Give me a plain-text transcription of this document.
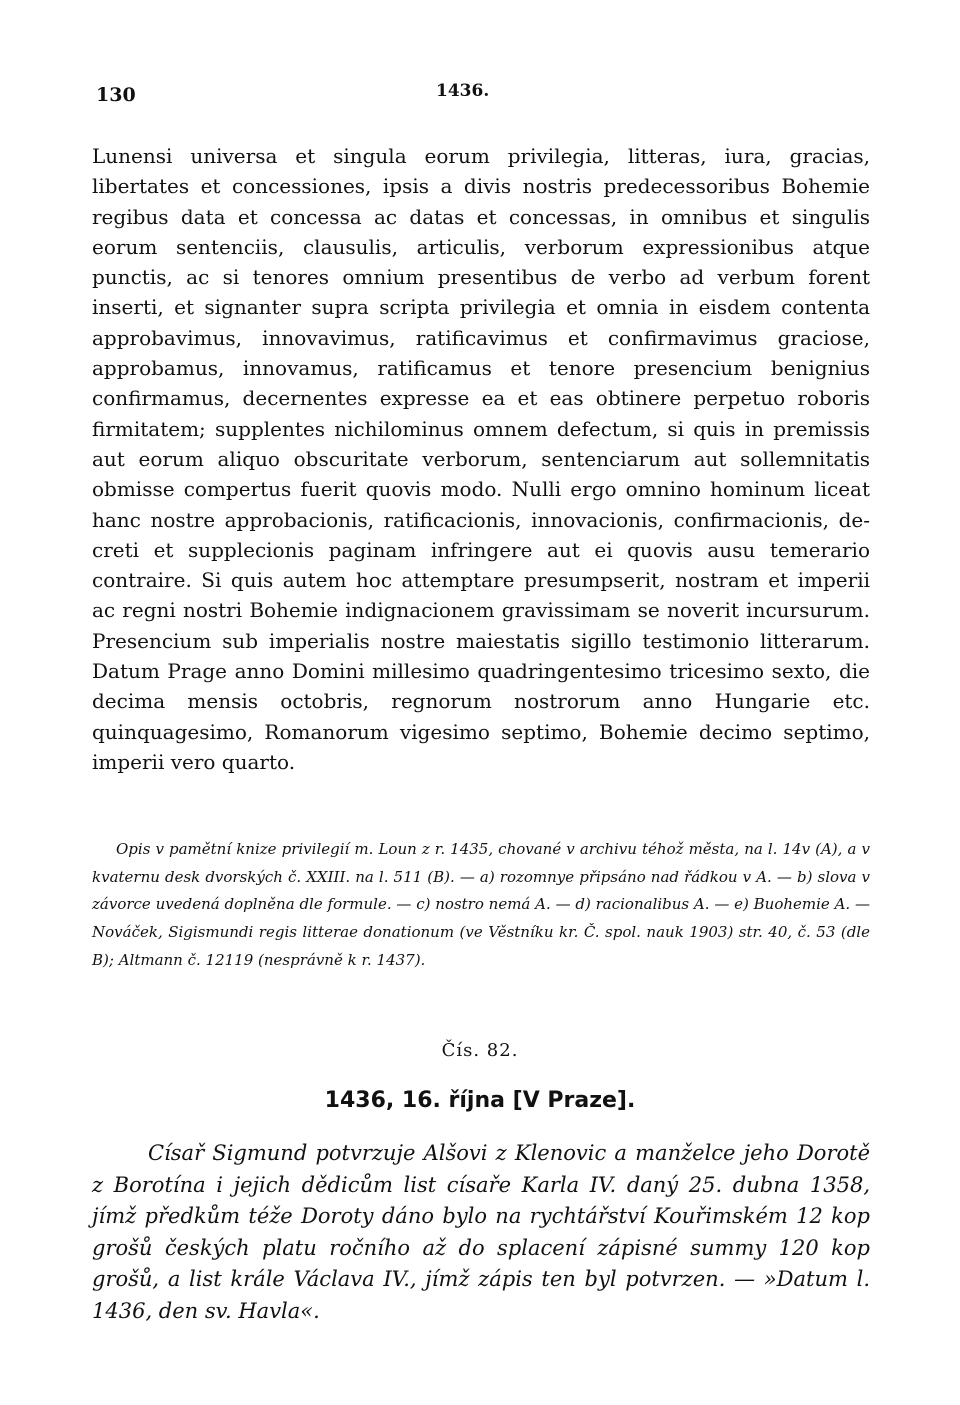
130	1436.

Lunensi universa et singula eorum privilegia, litteras, iura, gracias, libertates et concessiones, ipsis a divis nostris predecessoribus Bohemie regibus data et concessa ac datas et concessas, in omnibus et singulis eorum sentenciis, clausulis, articulis, verborum expressionibus atque punctis, ac si tenores omnium presentibus de verbo ad verbum forent inserti, et signanter supra scripta privilegia et omnia in eisdem contenta approbavimus, innovavimus, ratificavimus et confirmavimus graciose, approbamus, innovamus, ratificamus et tenore presencium benignius confirmamus, decernentes expresse ea et eas obtinere perpetuo roboris firmitatem; supplentes nichilominus omnem defectum, si quis in premissis aut eorum aliquo obscuritate verborum, sentenciarum aut sollemnitatis obmisse compertus fuerit quovis modo. Nulli ergo omnino hominum liceat hanc nostre approbacionis, ratificacionis, innovacionis, confirmacionis, decreti et supplecionis paginam infringere aut ei quovis ausu temerario contraire. Si quis autem hoc attemptare presumpserit, nostram et imperii ac regni nostri Bohemie indignacionem gravissimam se noverit incursurum. Presencium sub imperialis nostre maiestatis sigillo testimonio litterarum. Datum Prage anno Domini millesimo quadringentesimo tricesimo sexto, die decima mensis octobris, regnorum nostrorum anno Hungarie etc. quinquagesimo, Romanorum vigesimo septimo, Bohemie decimo septimo, imperii vero quarto.

Opis v pamětní knize privilegií m. Loun z r. 1435, chované v archivu téhož města, na l. 14v (A), a v kvaternu desk dvorských č. XXIII. na l. 511 (B). — a) rozomnye připsáno nad řádkou v A. — b) slova v závorce uvedená doplněna dle formule. — c) nostro nemá A. — d) racionalibus A. — e) Buohemie A. — Nováček, Sigismundi regis litterae donationum (ve Věstníku kr. Č. spol. nauk 1903) str. 40, č. 53 (dle B); Altmann č. 12119 (nesprávně k r. 1437).

Čís. 82.
1436, 16. října [V Praze].

Císař Sigmund potvrzuje Alšovi z Klenovic a manželce jeho Dorotě z Borotína i jejich dědicům list císaře Karla IV. daný 25. dubna 1358, jímž předkům téže Doroty dáno bylo na rychtářství Kouřimském 12 kop grošů českých platu ročního až do splacení zápisné summy 120 kop grošů, a list krále Václava IV., jímž zápis ten byl potvrzen. — »Datum l. 1436, den sv. Havla«.
